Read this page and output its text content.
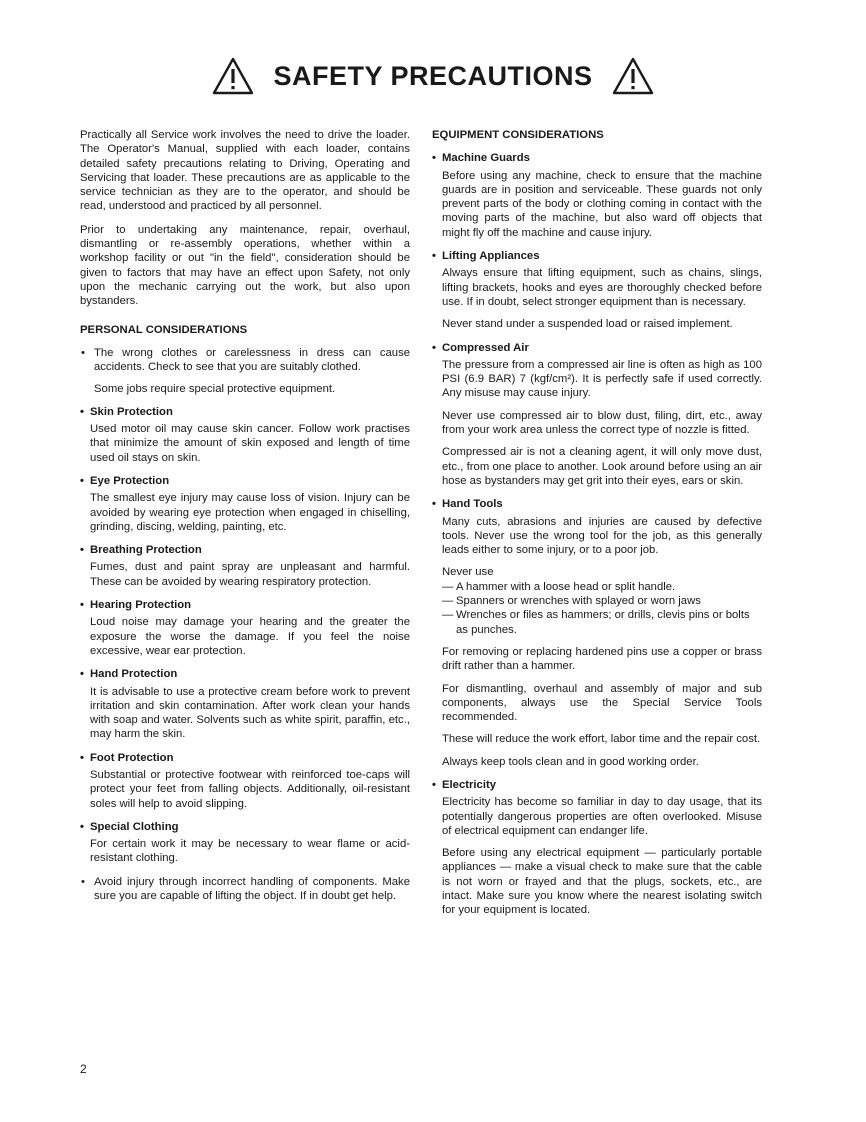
SAFETY PRECAUTIONS

Practically all Service work involves the need to drive the loader. The Operator's Manual, supplied with each loader, contains detailed safety precautions relating to Driving, Operating and Servicing that loader. These precautions are as applicable to the service technician as they are to the operator, and should be read, understood and practiced by all personnel.

Prior to undertaking any maintenance, repair, overhaul, dismantling or re-assembly operations, whether within a workshop facility or out "in the field", consideration should be given to factors that may have an effect upon Safety, not only upon the mechanic carrying out the work, but also upon bystanders.

PERSONAL CONSIDERATIONS
• The wrong clothes or carelessness in dress can cause accidents. Check to see that you are suitably clothed.
Some jobs require special protective equipment.
• Skin Protection

Used motor oil may cause skin cancer. Follow work practises that minimize the amount of skin exposed and length of time used oil stays on skin.

• Eye Protection

The smallest eye injury may cause loss of vision. Injury can be avoided by wearing eye protection when engaged in chiselling, grinding, discing, welding, painting, etc.

• Breathing Protection

Fumes, dust and paint spray are unpleasant and harmful. These can be avoided by wearing respiratory protection.

• Hearing Protection

Loud noise may damage your hearing and the greater the exposure the worse the damage. If you feel the noise excessive, wear ear protection.

• Hand Protection

It is advisable to use a protective cream before work to prevent irritation and skin contamination. After work clean your hands with soap and water. Solvents such as white spirit, paraffin, etc., may harm the skin.

• Foot Protection

Substantial or protective footwear with reinforced toe-caps will protect your feet from falling objects. Additionally, oil-resistant soles will help to avoid slipping.

• Special Clothing

For certain work it may be necessary to wear flame or acid-resistant clothing.

• Avoid injury through incorrect handling of components. Make sure you are capable of lifting the object. If in doubt get help.
EQUIPMENT CONSIDERATIONS
• Machine Guards

Before using any machine, check to ensure that the machine guards are in position and serviceable. These guards not only prevent parts of the body or clothing coming in contact with the moving parts of the machine, but also ward off objects that might fly off the machine and cause injury.

• Lifting Appliances

Always ensure that lifting equipment, such as chains, slings, lifting brackets, hooks and eyes are thoroughly checked before use. If in doubt, select stronger equipment than is necessary.

Never stand under a suspended load or raised implement.

• Compressed Air

The pressure from a compressed air line is often as high as 100 PSI (6.9 BAR) 7 (kgf/cm²). It is perfectly safe if used correctly. Any misuse may cause injury.

Never use compressed air to blow dust, filing, dirt, etc., away from your work area unless the correct type of nozzle is fitted.

Compressed air is not a cleaning agent, it will only move dust, etc., from one place to another. Look around before using an air hose as bystanders may get grit into their eyes, ears or skin.

• Hand Tools

Many cuts, abrasions and injuries are caused by defective tools. Never use the wrong tool for the job, as this generally leads either to some injury, or to a poor job.

Never use

— A hammer with a loose head or split handle.
— Spanners or wrenches with splayed or worn jaws
— Wrenches or files as hammers; or drills, clevis pins or bolts as punches.

For removing or replacing hardened pins use a copper or brass drift rather than a hammer.

For dismantling, overhaul and assembly of major and sub components, always use the Special Service Tools recommended.

These will reduce the work effort, labor time and the repair cost.

Always keep tools clean and in good working order.

• Electricity

Electricity has become so familiar in day to day usage, that its potentially dangerous properties are often overlooked. Misuse of electrical equipment can endanger life.

Before using any electrical equipment — particularly portable appliances — make a visual check to make sure that the cable is not worn or frayed and that the plugs, sockets, etc., are intact. Make sure you know where the nearest isolating switch for your equipment is located.

2
